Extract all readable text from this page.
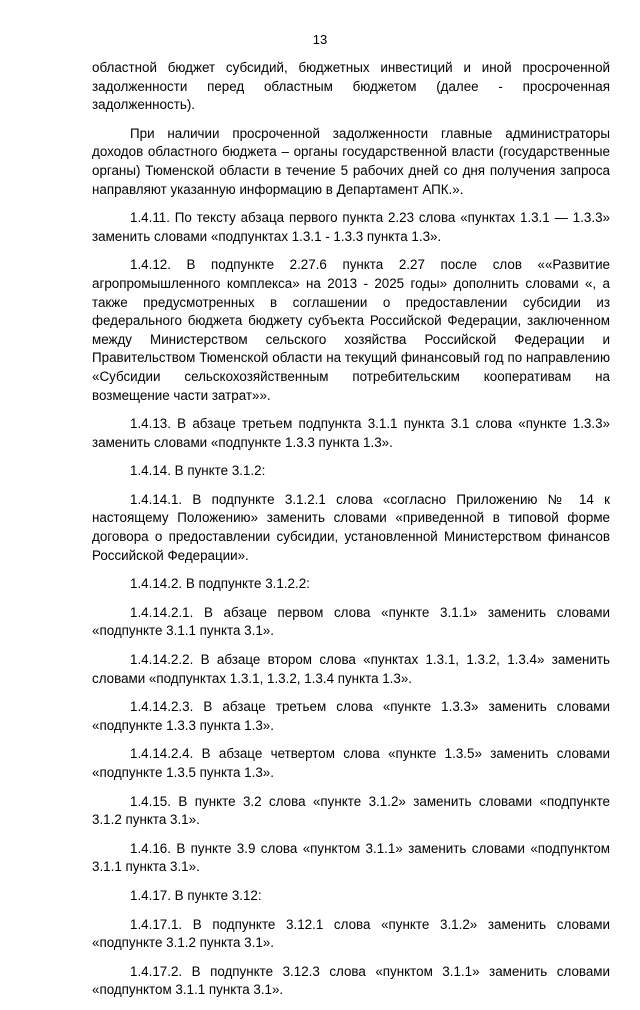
13

областной бюджет субсидий, бюджетных инвестиций и иной просроченной задолженности перед областным бюджетом (далее - просроченная задолженность).

При наличии просроченной задолженности главные администраторы доходов областного бюджета – органы государственной власти (государственные органы) Тюменской области в течение 5 рабочих дней со дня получения запроса направляют указанную информацию в Департамент АПК.».

1.4.11. По тексту абзаца первого пункта 2.23 слова «пунктах 1.3.1 — 1.3.3» заменить словами «подпунктах 1.3.1 - 1.3.3 пункта 1.3».

1.4.12. В подпункте 2.27.6 пункта 2.27 после слов ««Развитие агропромышленного комплекса» на 2013 - 2025 годы» дополнить словами «, а также предусмотренных в соглашении о предоставлении субсидии из федерального бюджета бюджету субъекта Российской Федерации, заключенном между Министерством сельского хозяйства Российской Федерации и Правительством Тюменской области на текущий финансовый год по направлению «Субсидии сельскохозяйственным потребительским кооперативам на возмещение части затрат»».

1.4.13. В абзаце третьем подпункта 3.1.1 пункта 3.1 слова «пункте 1.3.3» заменить словами «подпункте 1.3.3 пункта 1.3».

1.4.14. В пункте 3.1.2:

1.4.14.1. В подпункте 3.1.2.1 слова «согласно Приложению № 14 к настоящему Положению» заменить словами «приведенной в типовой форме договора о предоставлении субсидии, установленной Министерством финансов Российской Федерации».

1.4.14.2. В подпункте 3.1.2.2:

1.4.14.2.1. В абзаце первом слова «пункте 3.1.1» заменить словами «подпункте 3.1.1 пункта 3.1».

1.4.14.2.2. В абзаце втором слова «пунктах 1.3.1, 1.3.2, 1.3.4» заменить словами «подпунктах 1.3.1, 1.3.2, 1.3.4 пункта 1.3».

1.4.14.2.3. В абзаце третьем слова «пункте 1.3.3» заменить словами «подпункте 1.3.3 пункта 1.3».

1.4.14.2.4. В абзаце четвертом слова «пункте 1.3.5» заменить словами «подпункте 1.3.5 пункта 1.3».

1.4.15. В пункте 3.2 слова «пункте 3.1.2» заменить словами «подпункте 3.1.2 пункта 3.1».

1.4.16. В пункте 3.9 слова «пунктом 3.1.1» заменить словами «подпунктом 3.1.1 пункта 3.1».

1.4.17. В пункте 3.12:

1.4.17.1. В подпункте 3.12.1 слова «пункте 3.1.2» заменить словами «подпункте 3.1.2 пункта 3.1».

1.4.17.2. В подпункте 3.12.3 слова «пунктом 3.1.1» заменить словами «подпунктом 3.1.1 пункта 3.1».
